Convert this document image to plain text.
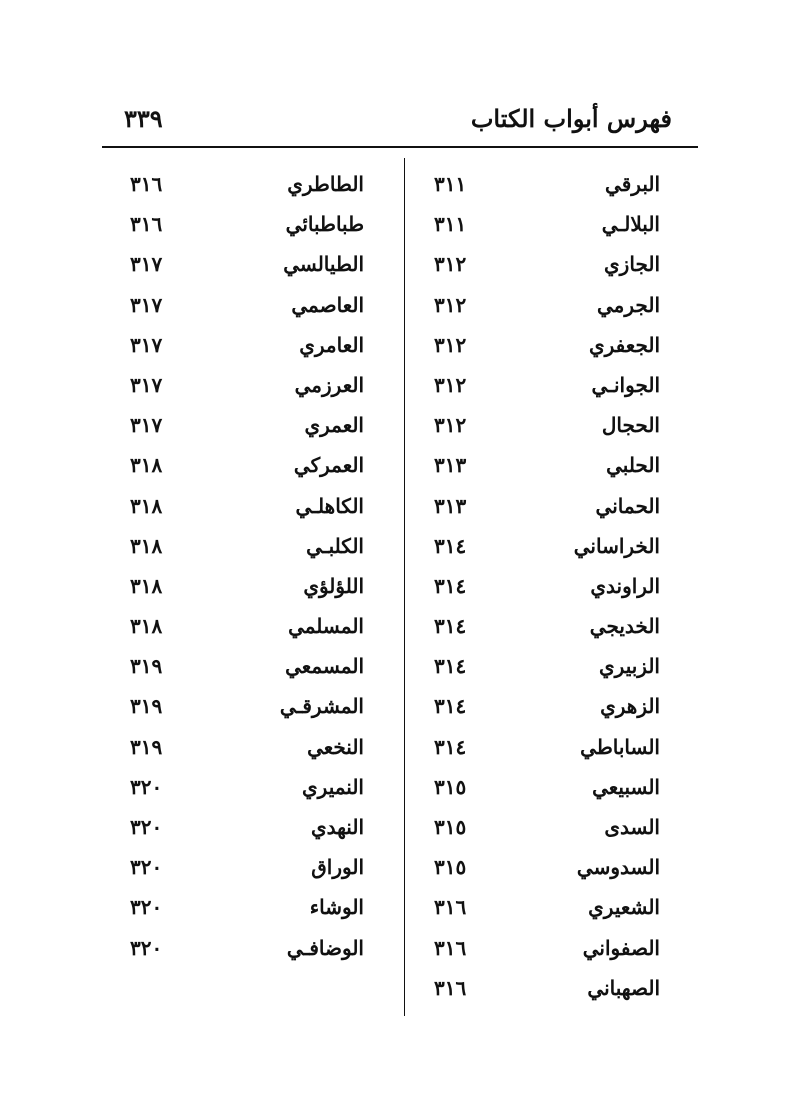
فهرس أبواب الكتاب
٣٣٩
البرقي
٣١١
البلالـي
٣١١
الجازي
٣١٢
الجرمي
٣١٢
الجعفري
٣١٢
الجوانـي
٣١٢
الحجال
٣١٢
الحلبي
٣١٣
الحماني
٣١٣
الخراساني
٣١٤
الراوندي
٣١٤
الخديجي
٣١٤
الزبيري
٣١٤
الزهري
٣١٤
الساباطي
٣١٤
السبيعي
٣١٥
السدى
٣١٥
السدوسي
٣١٥
الشعيري
٣١٦
الصفواني
٣١٦
الصهباني
٣١٦
الطاطري
٣١٦
طباطبائي
٣١٦
الطيالسي
٣١٧
العاصمي
٣١٧
العامري
٣١٧
العرزمي
٣١٧
العمري
٣١٧
العمركي
٣١٨
الكاهلـي
٣١٨
الكلبـي
٣١٨
اللؤلؤي
٣١٨
المسلمي
٣١٨
المسمعي
٣١٩
المشرقـي
٣١٩
النخعي
٣١٩
النميري
٣٢٠
النهدي
٣٢٠
الوراق
٣٢٠
الوشاء
٣٢٠
الوضافـي
٣٢٠
